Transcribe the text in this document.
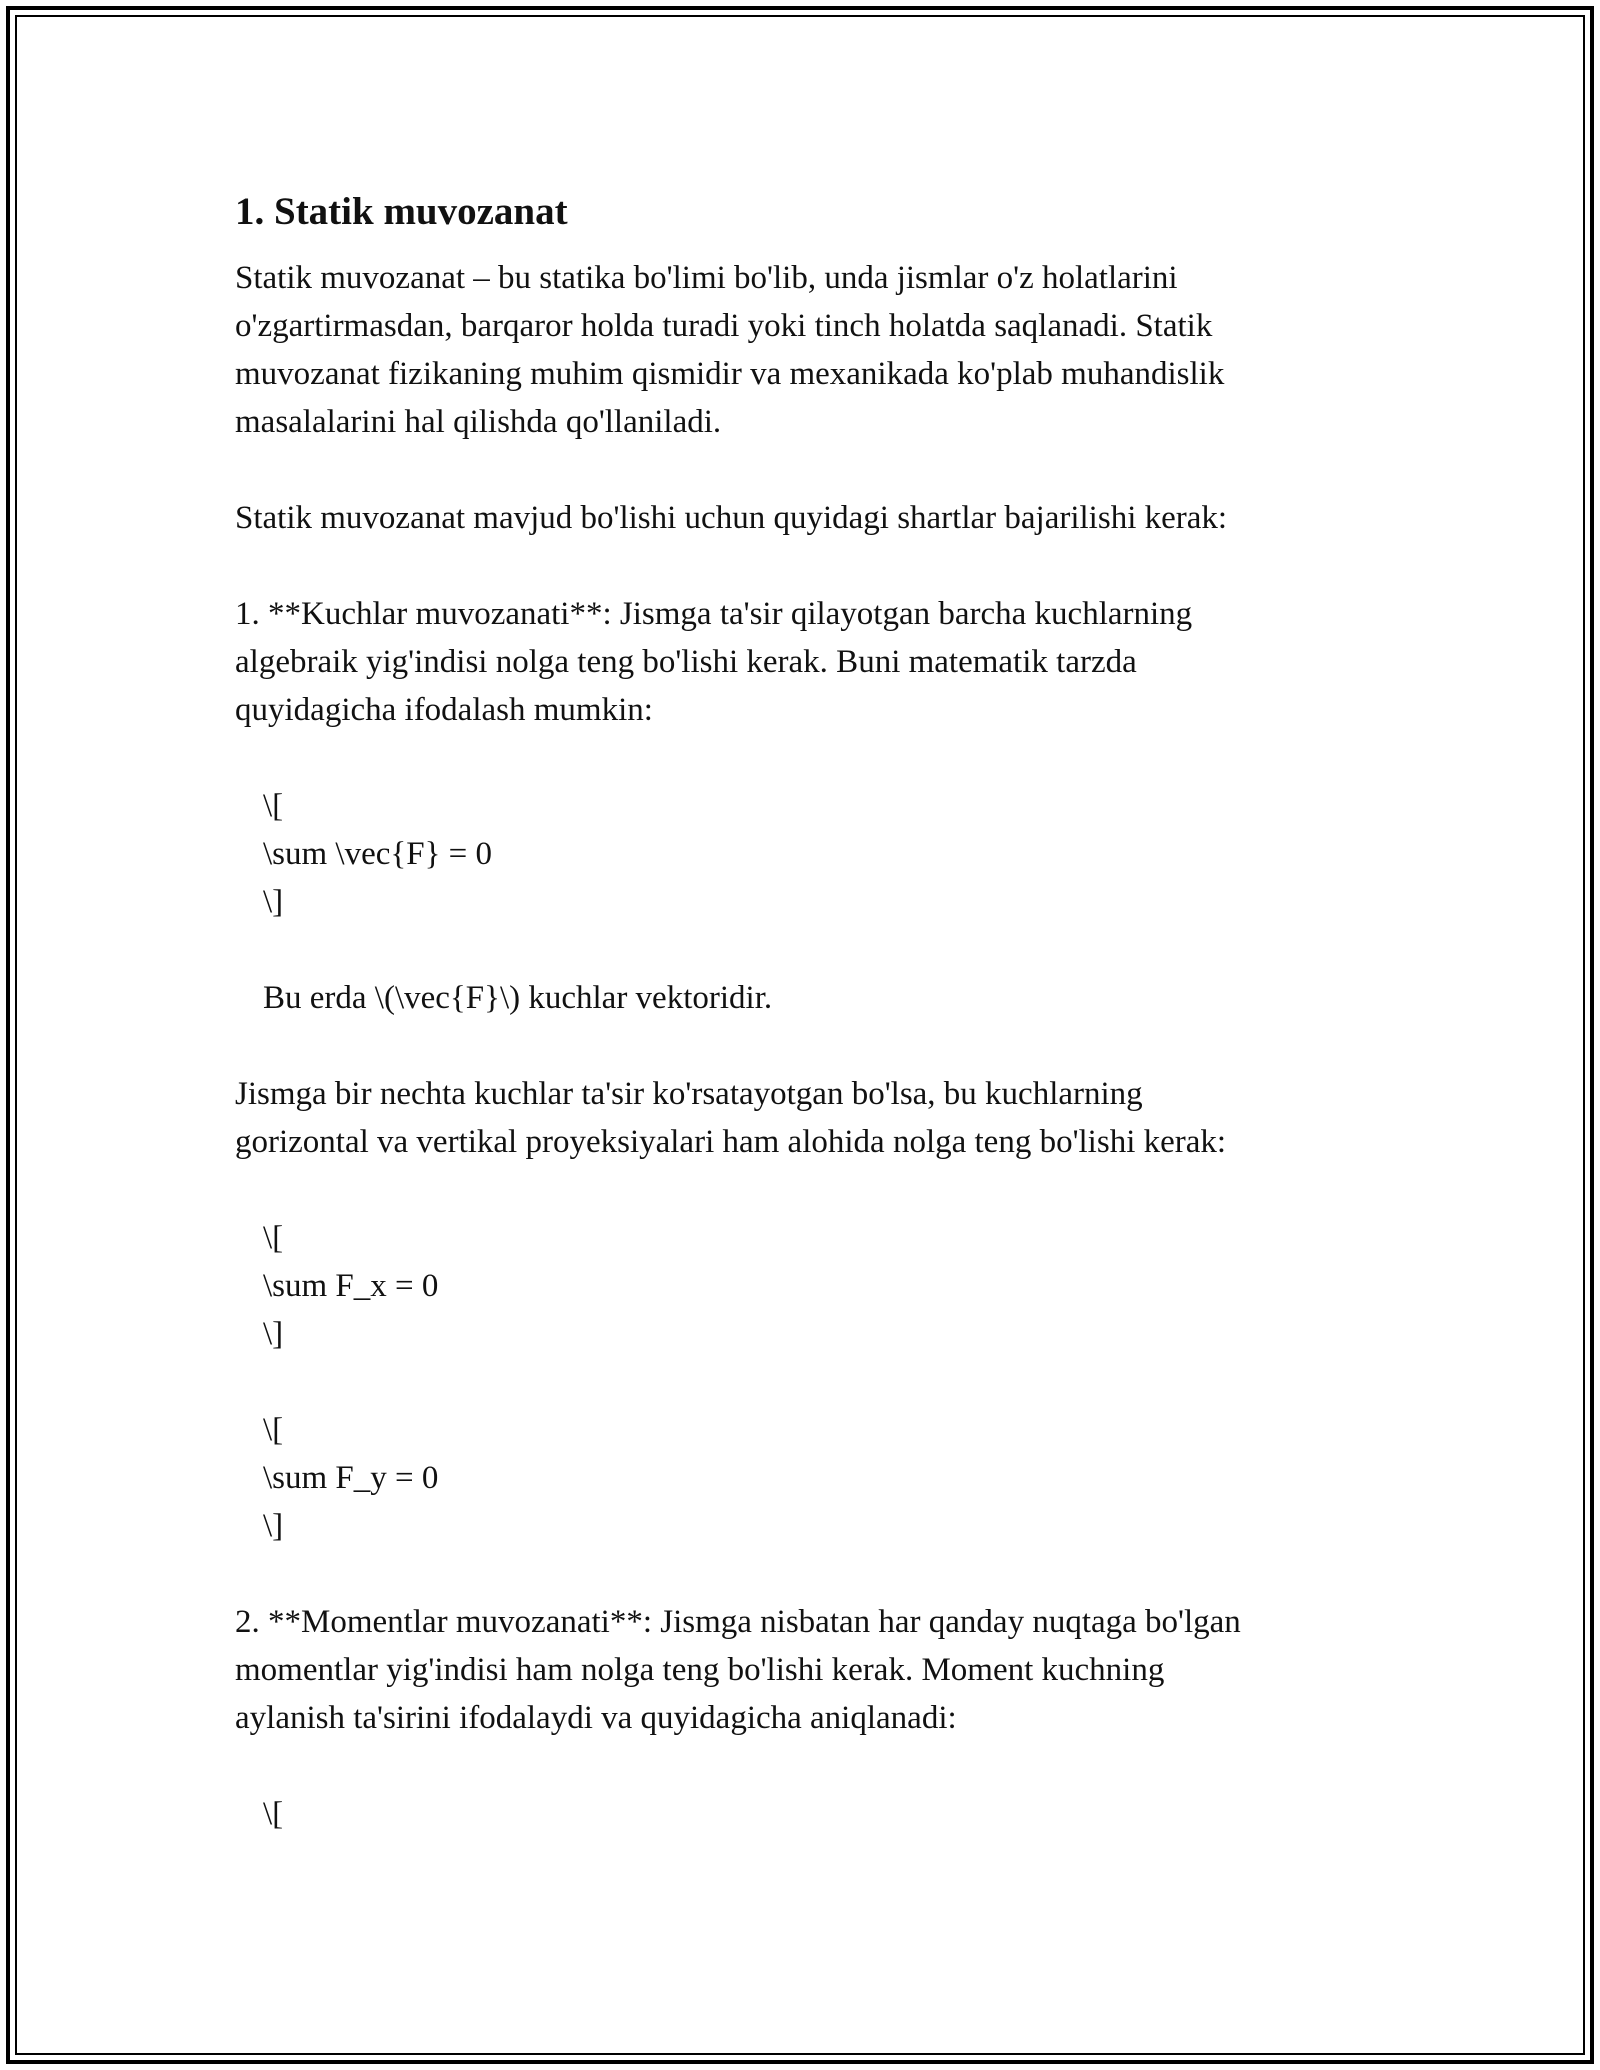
1. Statik muvozanat
Statik muvozanat – bu statika bo'limi bo'lib, unda jismlar o'z holatlarini
o'zgartirmasdan, barqaror holda turadi yoki tinch holatda saqlanadi. Statik
muvozanat fizikaning muhim qismidir va mexanikada ko'plab muhandislik
masalalarini hal qilishda qo'llaniladi.
Statik muvozanat mavjud bo'lishi uchun quyidagi shartlar bajarilishi kerak:
1. **Kuchlar muvozanati**: Jismga ta'sir qilayotgan barcha kuchlarning
algebraik yig'indisi nolga teng bo'lishi kerak. Buni matematik tarzda
quyidagicha ifodalash mumkin:
\[
\sum \vec{F} = 0
\]
Bu erda \(\vec{F}\) kuchlar vektoridir.
Jismga bir nechta kuchlar ta'sir ko'rsatayotgan bo'lsa, bu kuchlarning
gorizontal va vertikal proyeksiyalari ham alohida nolga teng bo'lishi kerak:
\[
\sum F_x = 0
\]
\[
\sum F_y = 0
\]
2. **Momentlar muvozanati**: Jismga nisbatan har qanday nuqtaga bo'lgan
momentlar yig'indisi ham nolga teng bo'lishi kerak. Moment kuchning
aylanish ta'sirini ifodalaydi va quyidagicha aniqlanadi:
\[
